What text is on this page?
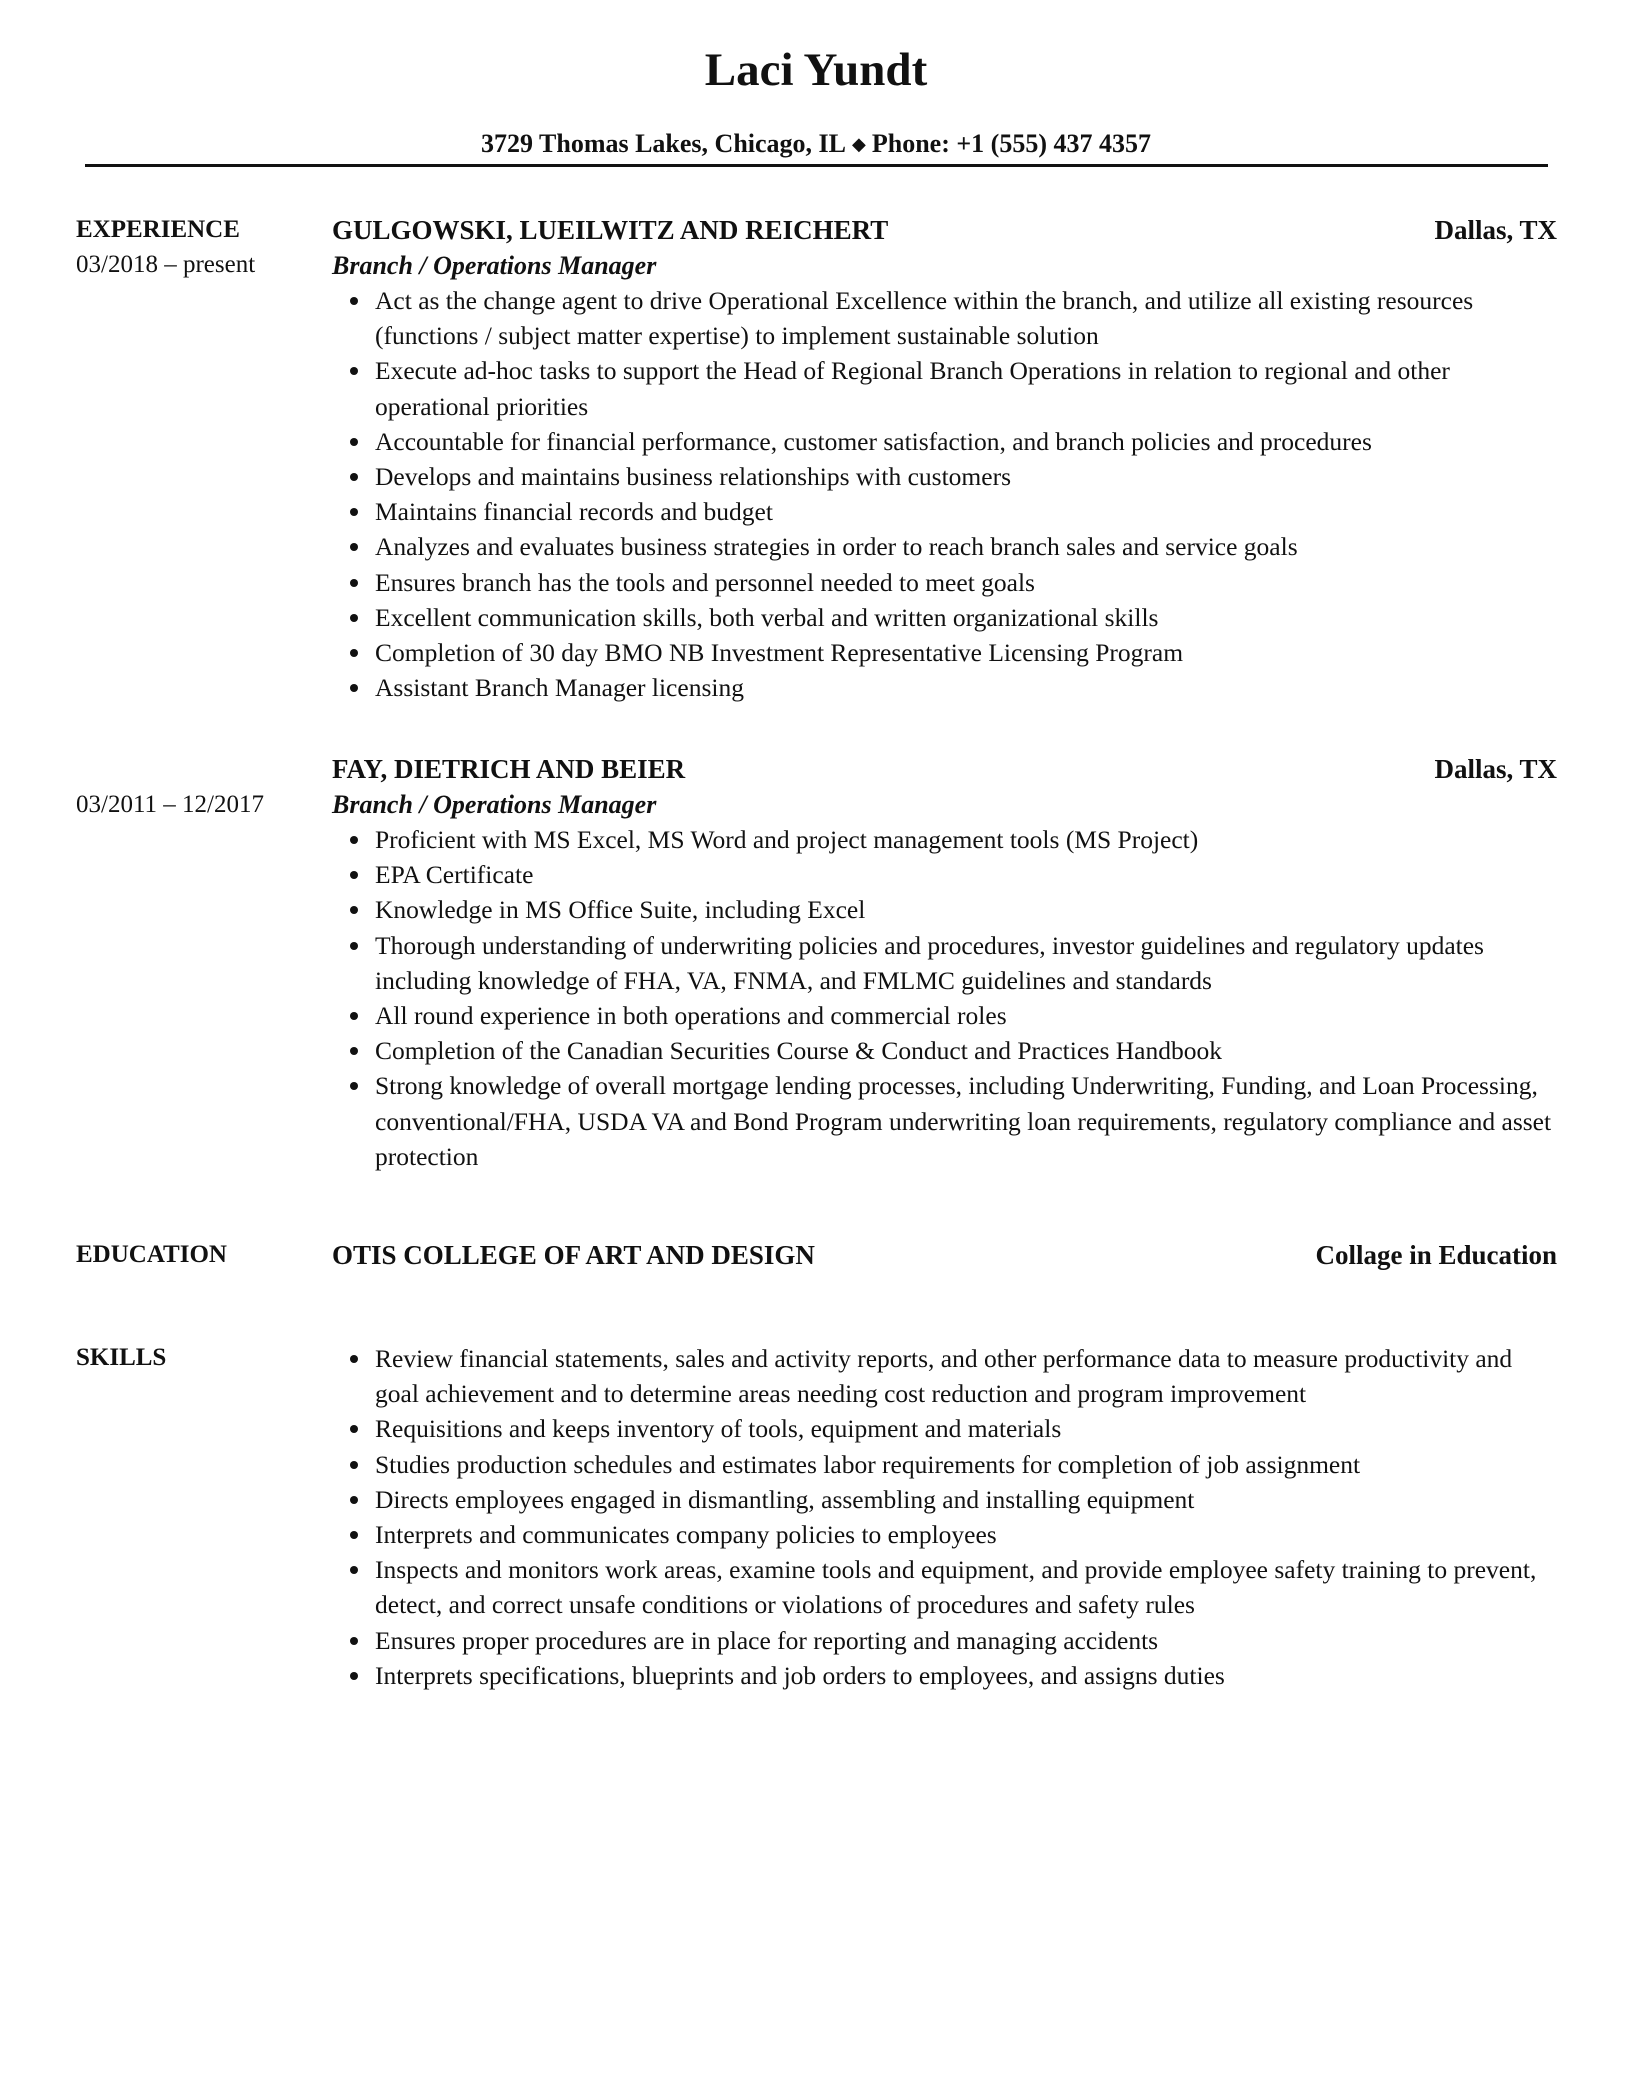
Laci Yundt
3729 Thomas Lakes, Chicago, IL ◆ Phone: +1 (555) 437 4357
EXPERIENCE
03/2018 – present
GULGOWSKI, LUEILWITZ AND REICHERT	Dallas, TX
Branch / Operations Manager
Act as the change agent to drive Operational Excellence within the branch, and utilize all existing resources (functions / subject matter expertise) to implement sustainable solution
Execute ad-hoc tasks to support the Head of Regional Branch Operations in relation to regional and other operational priorities
Accountable for financial performance, customer satisfaction, and branch policies and procedures
Develops and maintains business relationships with customers
Maintains financial records and budget
Analyzes and evaluates business strategies in order to reach branch sales and service goals
Ensures branch has the tools and personnel needed to meet goals
Excellent communication skills, both verbal and written organizational skills
Completion of 30 day BMO NB Investment Representative Licensing Program
Assistant Branch Manager licensing
03/2011 – 12/2017
FAY, DIETRICH AND BEIER	Dallas, TX
Branch / Operations Manager
Proficient with MS Excel, MS Word and project management tools (MS Project)
EPA Certificate
Knowledge in MS Office Suite, including Excel
Thorough understanding of underwriting policies and procedures, investor guidelines and regulatory updates including knowledge of FHA, VA, FNMA, and FMLMC guidelines and standards
All round experience in both operations and commercial roles
Completion of the Canadian Securities Course & Conduct and Practices Handbook
Strong knowledge of overall mortgage lending processes, including Underwriting, Funding, and Loan Processing, conventional/FHA, USDA VA and Bond Program underwriting loan requirements, regulatory compliance and asset protection
EDUCATION	OTIS COLLEGE OF ART AND DESIGN	Collage in Education
SKILLS	Review financial statements, sales and activity reports, and other performance data to measure productivity and goal achievement and to determine areas needing cost reduction and program improvement
Requisitions and keeps inventory of tools, equipment and materials
Studies production schedules and estimates labor requirements for completion of job assignment
Directs employees engaged in dismantling, assembling and installing equipment
Interprets and communicates company policies to employees
Inspects and monitors work areas, examine tools and equipment, and provide employee safety training to prevent, detect, and correct unsafe conditions or violations of procedures and safety rules
Ensures proper procedures are in place for reporting and managing accidents
Interprets specifications, blueprints and job orders to employees, and assigns duties
